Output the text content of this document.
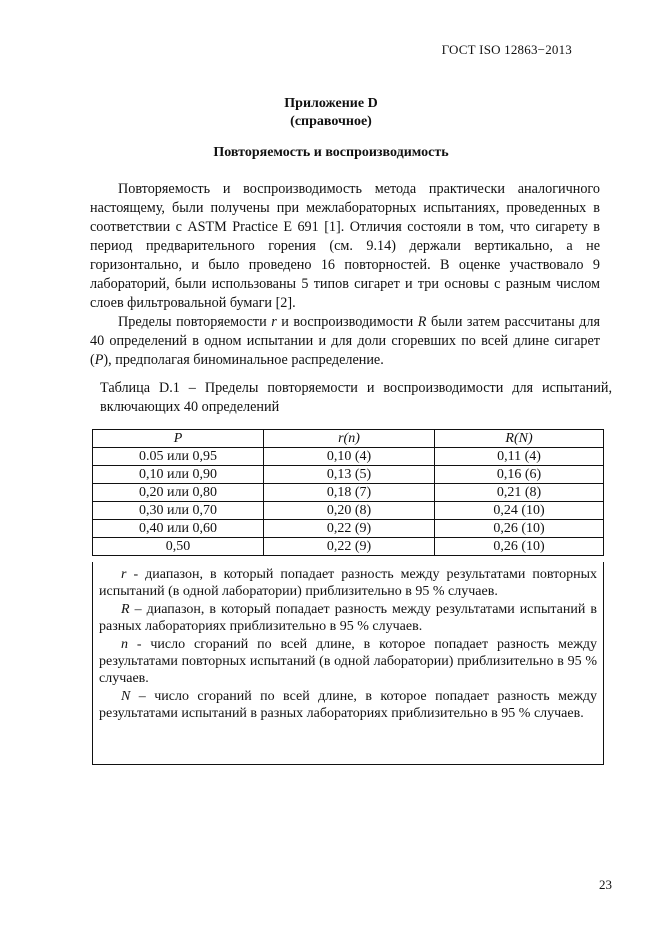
ГОСТ ISO 12863−2013
Приложение D
(справочное)
Повторяемость и воспроизводимость

Повторяемость и воспроизводимость метода практически аналогичного настоящему, были получены при межлабораторных испытаниях, проведенных в соответствии с ASTM Practice E 691 [1]. Отличия состояли в том, что сигарету в период предварительного горения (см. 9.14) держали вертикально, а не горизонтально, и было проведено 16 повторностей. В оценке участвовало 9 лабораторий, были использованы 5 типов сигарет и три основы с разным числом слоев фильтровальной бумаги [2].

Пределы повторяемости r и воспроизводимости R были затем рассчитаны для 40 определений в одном испытании и для доли сгоревших по всей длине сигарет (P), предполагая биноминальное распределение.

Таблица D.1 – Пределы повторяемости и воспроизводимости для испытаний, включающих 40 определений
P	r(n)	R(N)
0.05 или 0,95	0,10 (4)	0,11 (4)
0,10 или 0,90	0,13 (5)	0,16 (6)
0,20 или 0,80	0,18 (7)	0,21 (8)
0,30 или 0,70	0,20 (8)	0,24 (10)
0,40 или 0,60	0,22 (9)	0,26 (10)
0,50	0,22 (9)	0,26 (10)

r - диапазон, в который попадает разность между результатами повторных испытаний (в одной лаборатории) приблизительно в 95 % случаев.

R – диапазон, в который попадает разность между результатами испытаний в разных лабораториях приблизительно в 95 % случаев.

n - число сгораний по всей длине, в которое попадает разность между результатами повторных испытаний (в одной лаборатории) приблизительно в 95 % случаев.

N – число сгораний по всей длине, в которое попадает разность между результатами испытаний в разных лабораториях приблизительно в 95 % случаев.

23
